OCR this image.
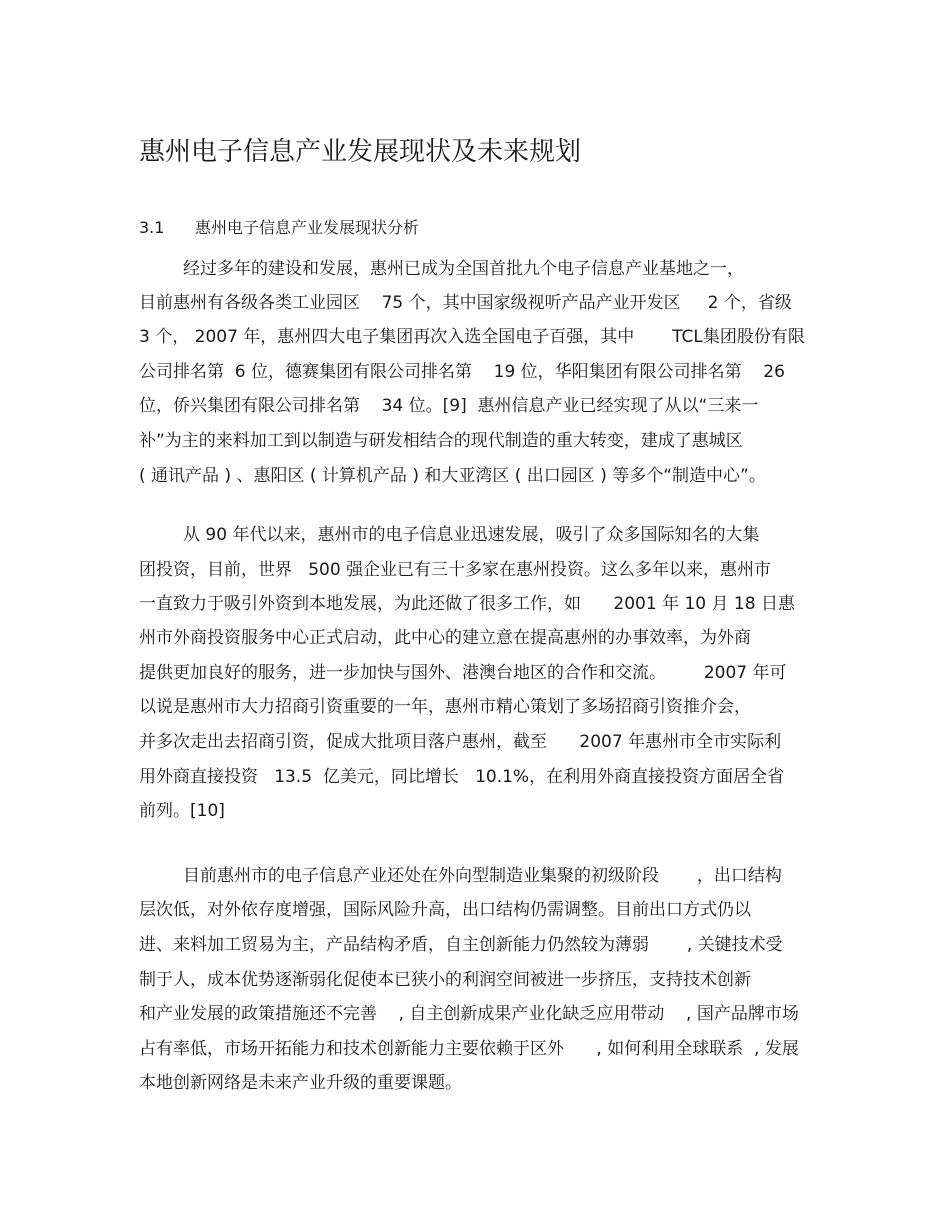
惠州电子信息产业发展现状及未来规划
3.1 惠州电子信息产业发展现状分析

经过多年的建设和发展，惠州已成为全国首批九个电子信息产业基地之一，

目前惠州有各级各类工业园区    75 个，其中国家级视听产品产业开发区     2 个，省级

3 个， 2007 年，惠州四大电子集团再次入选全国电子百强，其中       TCL集团股份有限

公司排名第  6 位，德赛集团有限公司排名第    19 位，华阳集团有限公司排名第    26

位，侨兴集团有限公司排名第    34 位。[9]  惠州信息产业已经实现了从以“三来一

补”为主的来料加工到以制造与研发相结合的现代制造的重大转变，建成了惠城区

( 通讯产品 ) 、惠阳区 ( 计算机产品 ) 和大亚湾区 ( 出口园区 ) 等多个“制造中心”。

从 90 年代以来，惠州市的电子信息业迅速发展，吸引了众多国际知名的大集

团投资，目前，世界   500 强企业已有三十多家在惠州投资。这么多年以来，惠州市

一直致力于吸引外资到本地发展，为此还做了很多工作，如      2001 年 10 月 18 日惠

州市外商投资服务中心正式启动，此中心的建立意在提高惠州的办事效率，为外商

提供更加良好的服务，进一步加快与国外、港澳台地区的合作和交流。       2007 年可

以说是惠州市大力招商引资重要的一年，惠州市精心策划了多场招商引资推介会，

并多次走出去招商引资，促成大批项目落户惠州，截至      2007 年惠州市全市实际利

用外商直接投资   13.5  亿美元，同比增长   10.1%，在利用外商直接投资方面居全省

前列。[10]

目前惠州市的电子信息产业还处在外向型制造业集聚的初级阶段       ，出口结构

层次低，对外依存度增强，国际风险升高，出口结构仍需调整。目前出口方式仍以

进、来料加工贸易为主，产品结构矛盾，自主创新能力仍然较为薄弱       , 关键技术受

制于人，成本优势逐渐弱化促使本已狭小的利润空间被进一步挤压，支持技术创新

和产业发展的政策措施还不完善    , 自主创新成果产业化缺乏应用带动    , 国产品牌市场

占有率低，市场开拓能力和技术创新能力主要依赖于区外      , 如何利用全球联系  , 发展

本地创新网络是未来产业升级的重要课题。
